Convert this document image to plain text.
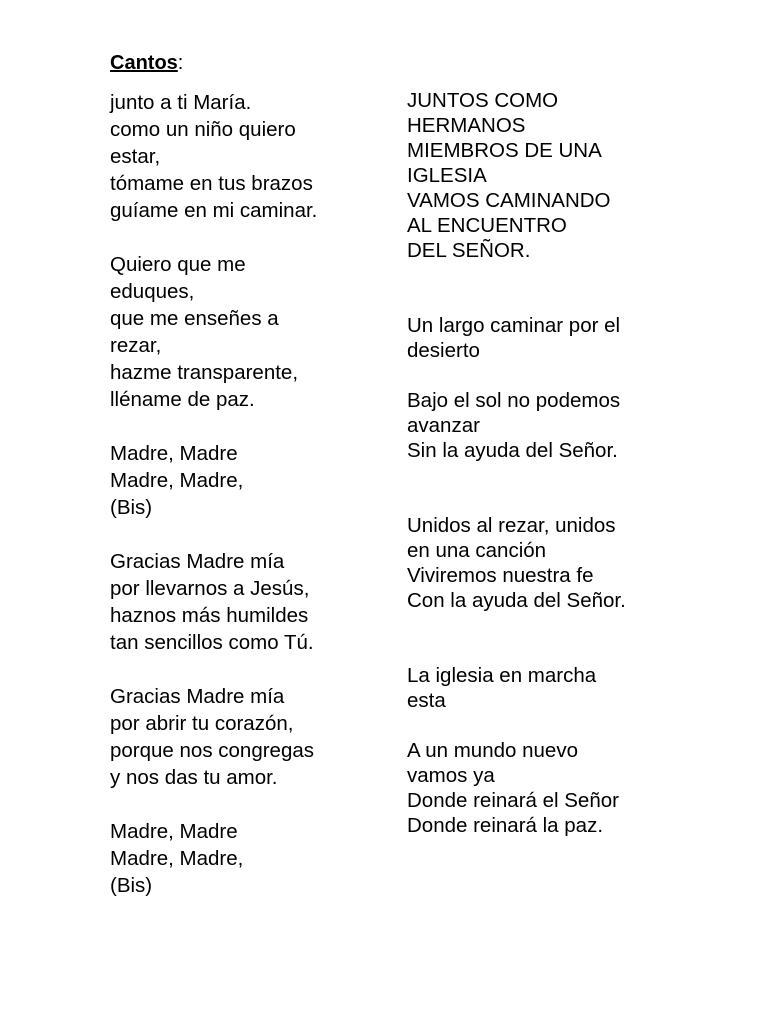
Cantos:

junto a ti María.
como un niño quiero
estar,
tómame en tus brazos
guíame en mi caminar.

Quiero que me
eduques,
que me enseñes a
rezar,
hazme transparente,
lléname de paz.

Madre, Madre
Madre, Madre,
(Bis)

Gracias Madre mía
por llevarnos a Jesús,
haznos más humildes
tan sencillos como Tú.

Gracias Madre mía
por abrir tu corazón,
porque nos congregas
y nos das tu amor.

Madre, Madre
Madre, Madre,
(Bis)

JUNTOS COMO
HERMANOS
MIEMBROS DE UNA
IGLESIA
VAMOS CAMINANDO
AL ENCUENTRO
DEL SEÑOR.

Un largo caminar por el
desierto

Bajo el sol no podemos
avanzar
Sin la ayuda del Señor.

Unidos al rezar, unidos
en una canción
Viviremos nuestra fe
Con la ayuda del Señor.

La iglesia en marcha
esta

A un mundo nuevo
vamos ya
Donde reinará el Señor
Donde reinará la paz.
